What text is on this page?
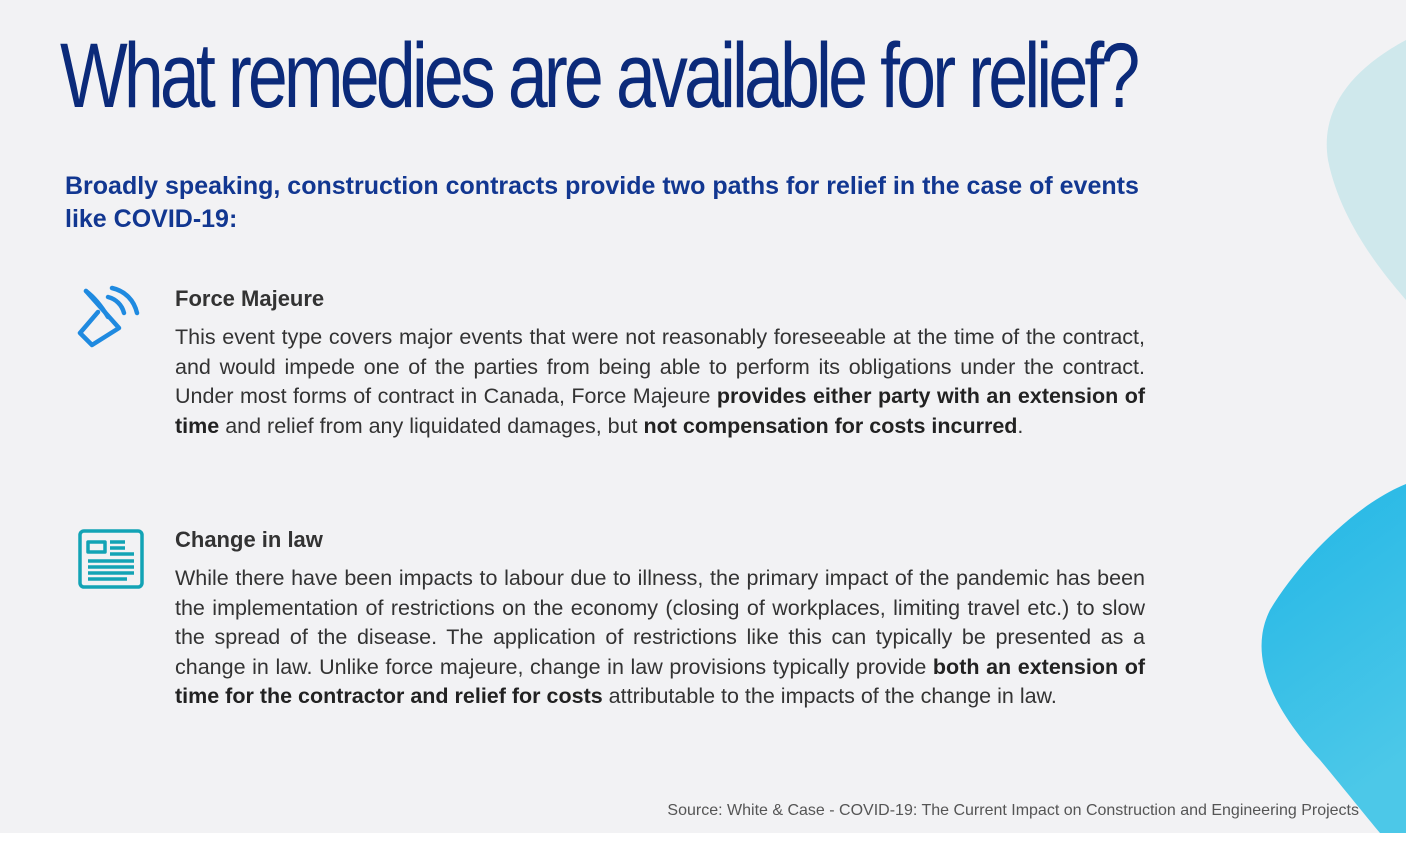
What remedies are available for relief?

Broadly speaking, construction contracts provide two paths for relief in the case of events like COVID-19:

Force Majeure

This event type covers major events that were not reasonably foreseeable at the time of the contract, and would impede one of the parties from being able to perform its obligations under the contract. Under most forms of contract in Canada, Force Majeure provides either party with an extension of time and relief from any liquidated damages, but not compensation for costs incurred.

Change in law

While there have been impacts to labour due to illness, the primary impact of the pandemic has been the implementation of restrictions on the economy (closing of workplaces, limiting travel etc.) to slow the spread of the disease. The application of restrictions like this can typically be presented as a change in law. Unlike force majeure, change in law provisions typically provide both an extension of time for the contractor and relief for costs attributable to the impacts of the change in law.

Source: White & Case - COVID-19: The Current Impact on Construction and Engineering Projects
